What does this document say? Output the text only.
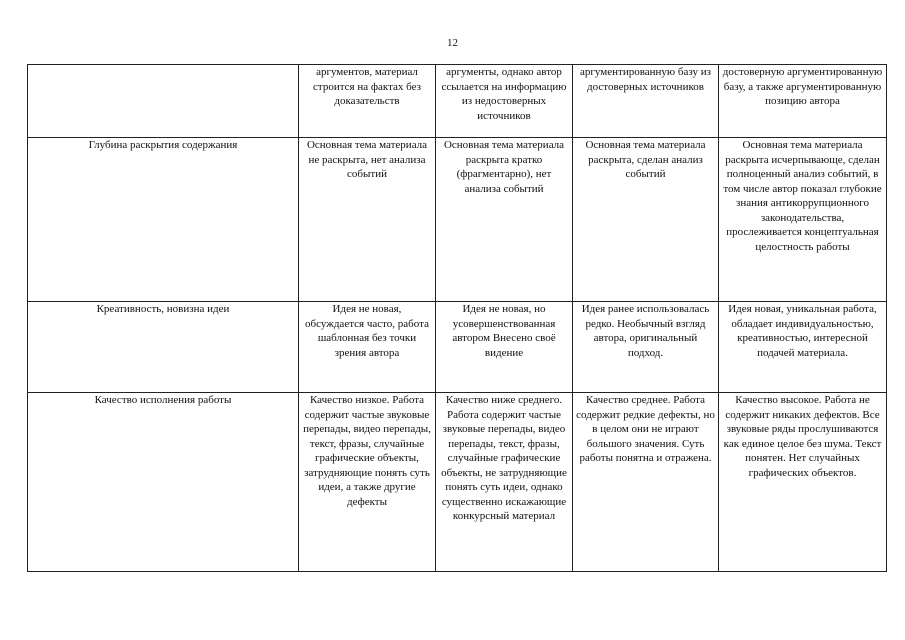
12
	аргументов, материал строится на фактах без доказательств	аргументы, однако автор ссылается на информацию из недостоверных источников	аргументированную базу из достоверных источников	достоверную аргументированную базу, а также аргументированную позицию автора
Глубина раскрытия содержания	Основная тема материала не раскрыта, нет анализа событий	Основная тема материала раскрыта кратко (фрагментарно), нет анализа событий	Основная тема материала раскрыта, сделан анализ событий	Основная тема материала раскрыта исчерпывающе, сделан полноценный анализ событий, в том числе автор показал глубокие знания антикоррупционного законодательства, прослеживается концептуальная целостность работы
Креативность, новизна идеи	Идея не новая, обсуждается часто, работа шаблонная без точки зрения автора	Идея не новая, но усовершенствованная автором Внесено своё видение	Идея ранее использовалась редко. Необычный взгляд автора, оригинальный подход.	Идея новая, уникальная работа, обладает индивидуальностью, креативностью, интересной подачей материала.
Качество исполнения работы	Качество низкое. Работа содержит частые звуковые перепады, видео перепады, текст, фразы, случайные графические объекты, затрудняющие понять суть идеи, а также другие дефекты	Качество ниже среднего. Работа содержит частые звуковые перепады, видео перепады, текст, фразы, случайные графические объекты, не затрудняющие понять суть идеи, однако существенно искажающие конкурсный материал	Качество среднее. Работа содержит редкие дефекты, но в целом они не играют большого значения. Суть работы понятна и отражена.	Качество высокое. Работа не содержит никаких дефектов. Все звуковые ряды прослушиваются как единое целое без шума. Текст понятен. Нет случайных графических объектов.
